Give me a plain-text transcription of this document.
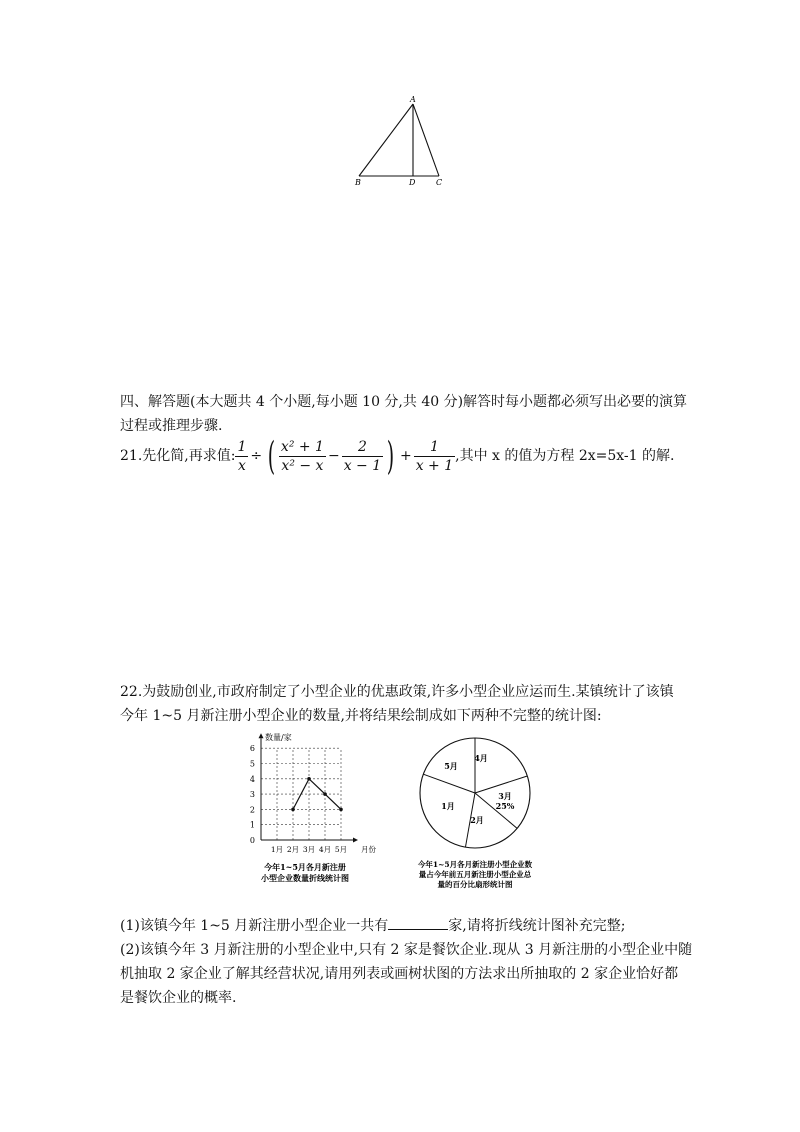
A
B	D	C
四、解答题(本大题共 4 个小题,每小题 10 分,共 40 分)解答时每小题都必须写出必要的演算
过程或推理步骤.
21.先化简,再求值: $\frac{1}{x}$ ÷ ( $\frac{\text{x² + 1}}{\text{x² − x}} - \frac{2}{x - 1}$ ) + $\frac{1}{x + 1}$ ,其中 x 的值为方程 2x=5x-1 的解.
22.为鼓励创业,市政府制定了小型企业的优惠政策,许多小型企业应运而生.某镇统计了该镇
今年 1~5 月新注册小型企业的数量,并将结果绘制成如下两种不完整的统计图:
0
1
2
3
4
5
6
1月 2月 3月 4月 5月 月份
数量/家
今年1~5月各月新注册
小型企业数量折线统计图
1月
2月
3月
25%
4月
5月
今年1~5月各月新注册小型企业数
量占今年前五月新注册小型企业总
量的百分比扇形统计图
(1)该镇今年 1~5 月新注册小型企业一共有	家,请将折线统计图补充完整;
(2)该镇今年 3 月新注册的小型企业中,只有 2 家是餐饮企业.现从 3 月新注册的小型企业中随
机抽取 2 家企业了解其经营状况,请用列表或画树状图的方法求出所抽取的 2 家企业恰好都
是餐饮企业的概率.
